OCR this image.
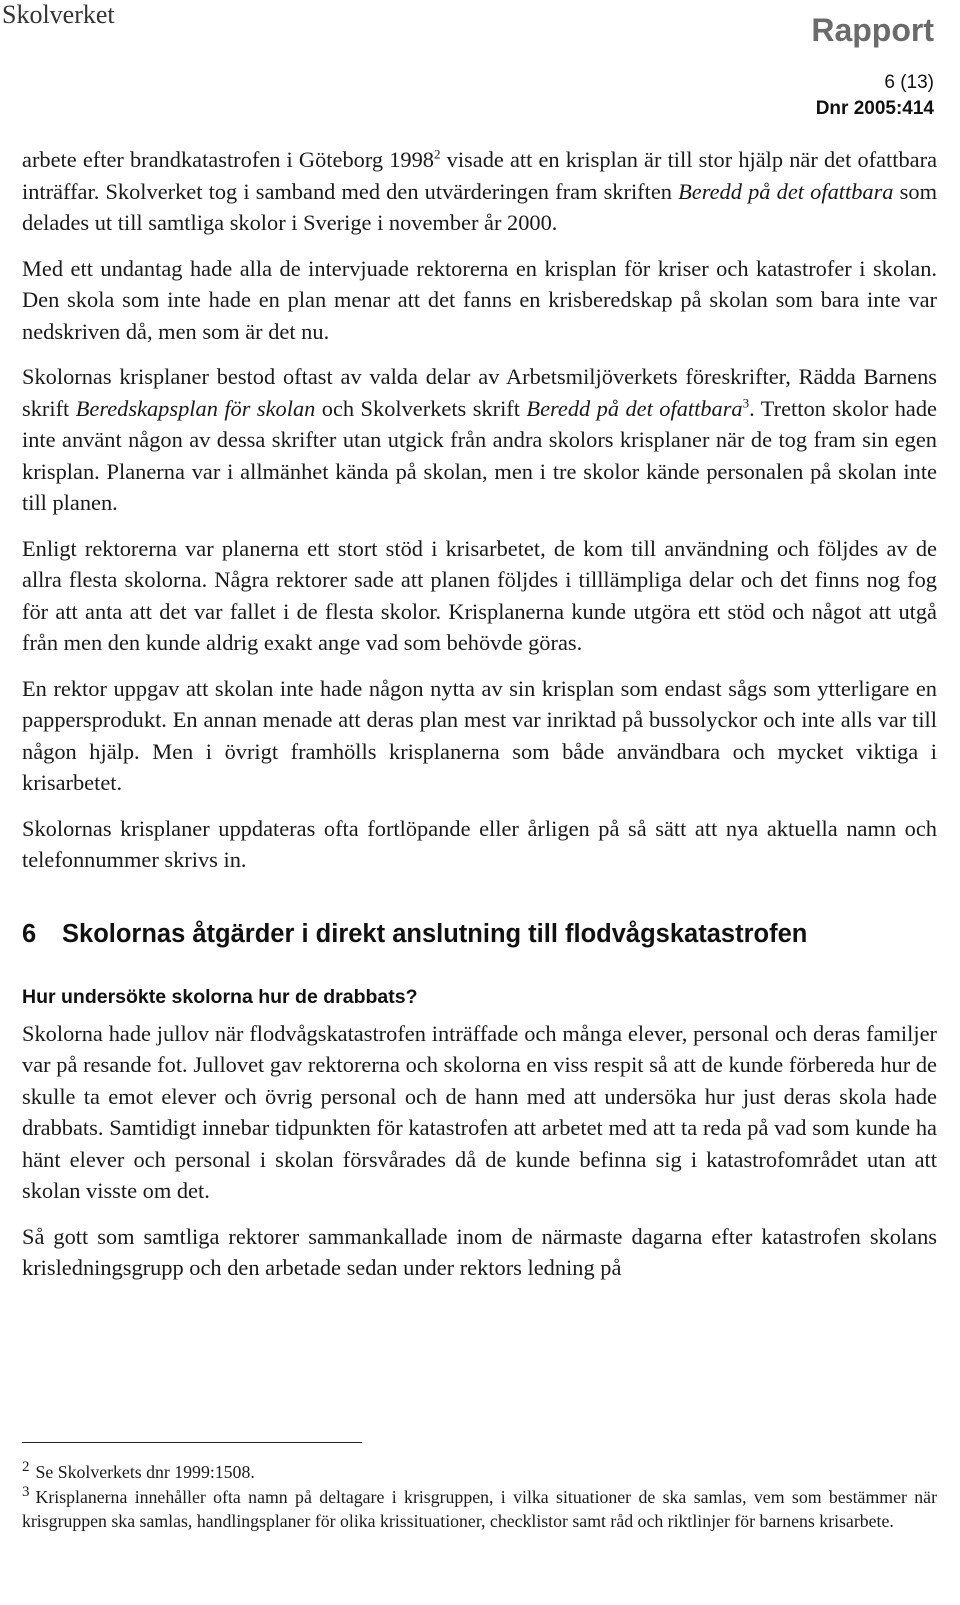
Skolverket	Rapport
6 (13)
Dnr 2005:414

arbete efter brandkatastrofen i Göteborg 1998$^2$ visade att en krisplan är till stor hjälp när det ofattbara inträffar. Skolverket tog i samband med den utvärderingen fram skriften Beredd på det ofattbara som delades ut till samtliga skolor i Sverige i november år 2000.

Med ett undantag hade alla de intervjuade rektorerna en krisplan för kriser och katastrofer i skolan. Den skola som inte hade en plan menar att det fanns en krisberedskap på skolan som bara inte var nedskriven då, men som är det nu.

Skolornas krisplaner bestod oftast av valda delar av Arbetsmiljöverkets föreskrifter, Rädda Barnens skrift Beredskapsplan för skolan och Skolverkets skrift Beredd på det ofattbara$^3$. Tretton skolor hade inte använt någon av dessa skrifter utan utgick från andra skolors krisplaner när de tog fram sin egen krisplan. Planerna var i allmänhet kända på skolan, men i tre skolor kände personalen på skolan inte till planen.

Enligt rektorerna var planerna ett stort stöd i krisarbetet, de kom till användning och följdes av de allra flesta skolorna. Några rektorer sade att planen följdes i tilllämpliga delar och det finns nog fog för att anta att det var fallet i de flesta skolor. Krisplanerna kunde utgöra ett stöd och något att utgå från men den kunde aldrig exakt ange vad som behövde göras.

En rektor uppgav att skolan inte hade någon nytta av sin krisplan som endast sågs som ytterligare en pappersprodukt. En annan menade att deras plan mest var inriktad på bussolyckor och inte alls var till någon hjälp. Men i övrigt framhölls krisplanerna som både användbara och mycket viktiga i krisarbetet.

Skolornas krisplaner uppdateras ofta fortlöpande eller årligen på så sätt att nya aktuella namn och telefonnummer skrivs in.

6 Skolornas åtgärder i direkt anslutning till flodvågskatastrofen
Hur undersökte skolorna hur de drabbats?

Skolorna hade jullov när flodvågskatastrofen inträffade och många elever, personal och deras familjer var på resande fot. Jullovet gav rektorerna och skolorna en viss respit så att de kunde förbereda hur de skulle ta emot elever och övrig personal och de hann med att undersöka hur just deras skola hade drabbats. Samtidigt innebar tidpunkten för katastrofen att arbetet med att ta reda på vad som kunde ha hänt elever och personal i skolan försvårades då de kunde befinna sig i katastrofområdet utan att skolan visste om det.

Så gott som samtliga rektorer sammankallade inom de närmaste dagarna efter katastrofen skolans krisledningsgrupp och den arbetade sedan under rektors ledning på

$^2$ Se Skolverkets dnr 1999:1508.

$^3$ Krisplanerna innehåller ofta namn på deltagare i krisgruppen, i vilka situationer de ska samlas, vem som bestämmer när krisgruppen ska samlas, handlingsplaner för olika krissituationer, checklistor samt råd och riktlinjer för barnens krisarbete.
